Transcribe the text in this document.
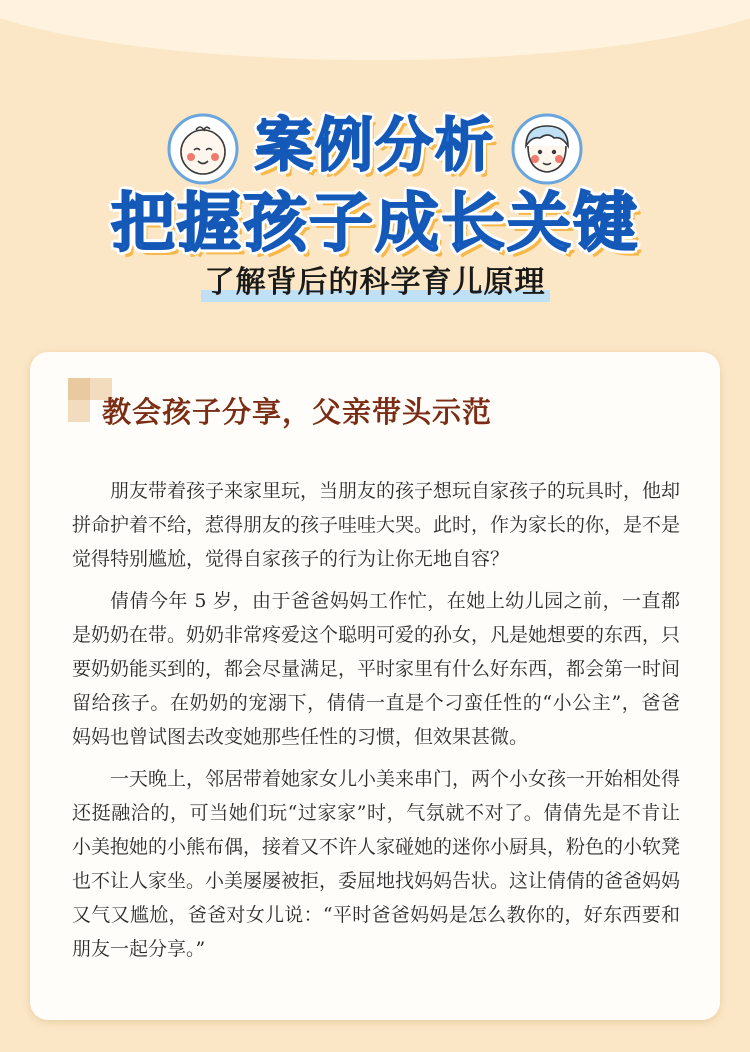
案例分析
把握孩子成长关键
了解背后的科学育儿原理
教会孩子分享，父亲带头示范

朋友带着孩子来家里玩，当朋友的孩子想玩自家孩子的玩具时，他却拼命护着不给，惹得朋友的孩子哇哇大哭。此时，作为家长的你，是不是觉得特别尴尬，觉得自家孩子的行为让你无地自容？

倩倩今年 5 岁，由于爸爸妈妈工作忙，在她上幼儿园之前，一直都是奶奶在带。奶奶非常疼爱这个聪明可爱的孙女，凡是她想要的东西，只要奶奶能买到的，都会尽量满足，平时家里有什么好东西，都会第一时间留给孩子。在奶奶的宠溺下，倩倩一直是个刁蛮任性的“小公主”，爸爸妈妈也曾试图去改变她那些任性的习惯，但效果甚微。

一天晚上，邻居带着她家女儿小美来串门，两个小女孩一开始相处得还挺融洽的，可当她们玩“过家家”时，气氛就不对了。倩倩先是不肯让小美抱她的小熊布偶，接着又不许人家碰她的迷你小厨具，粉色的小软凳也不让人家坐。小美屡屡被拒，委屈地找妈妈告状。这让倩倩的爸爸妈妈又气又尴尬，爸爸对女儿说：“平时爸爸妈妈是怎么教你的，好东西要和朋友一起分享。”
